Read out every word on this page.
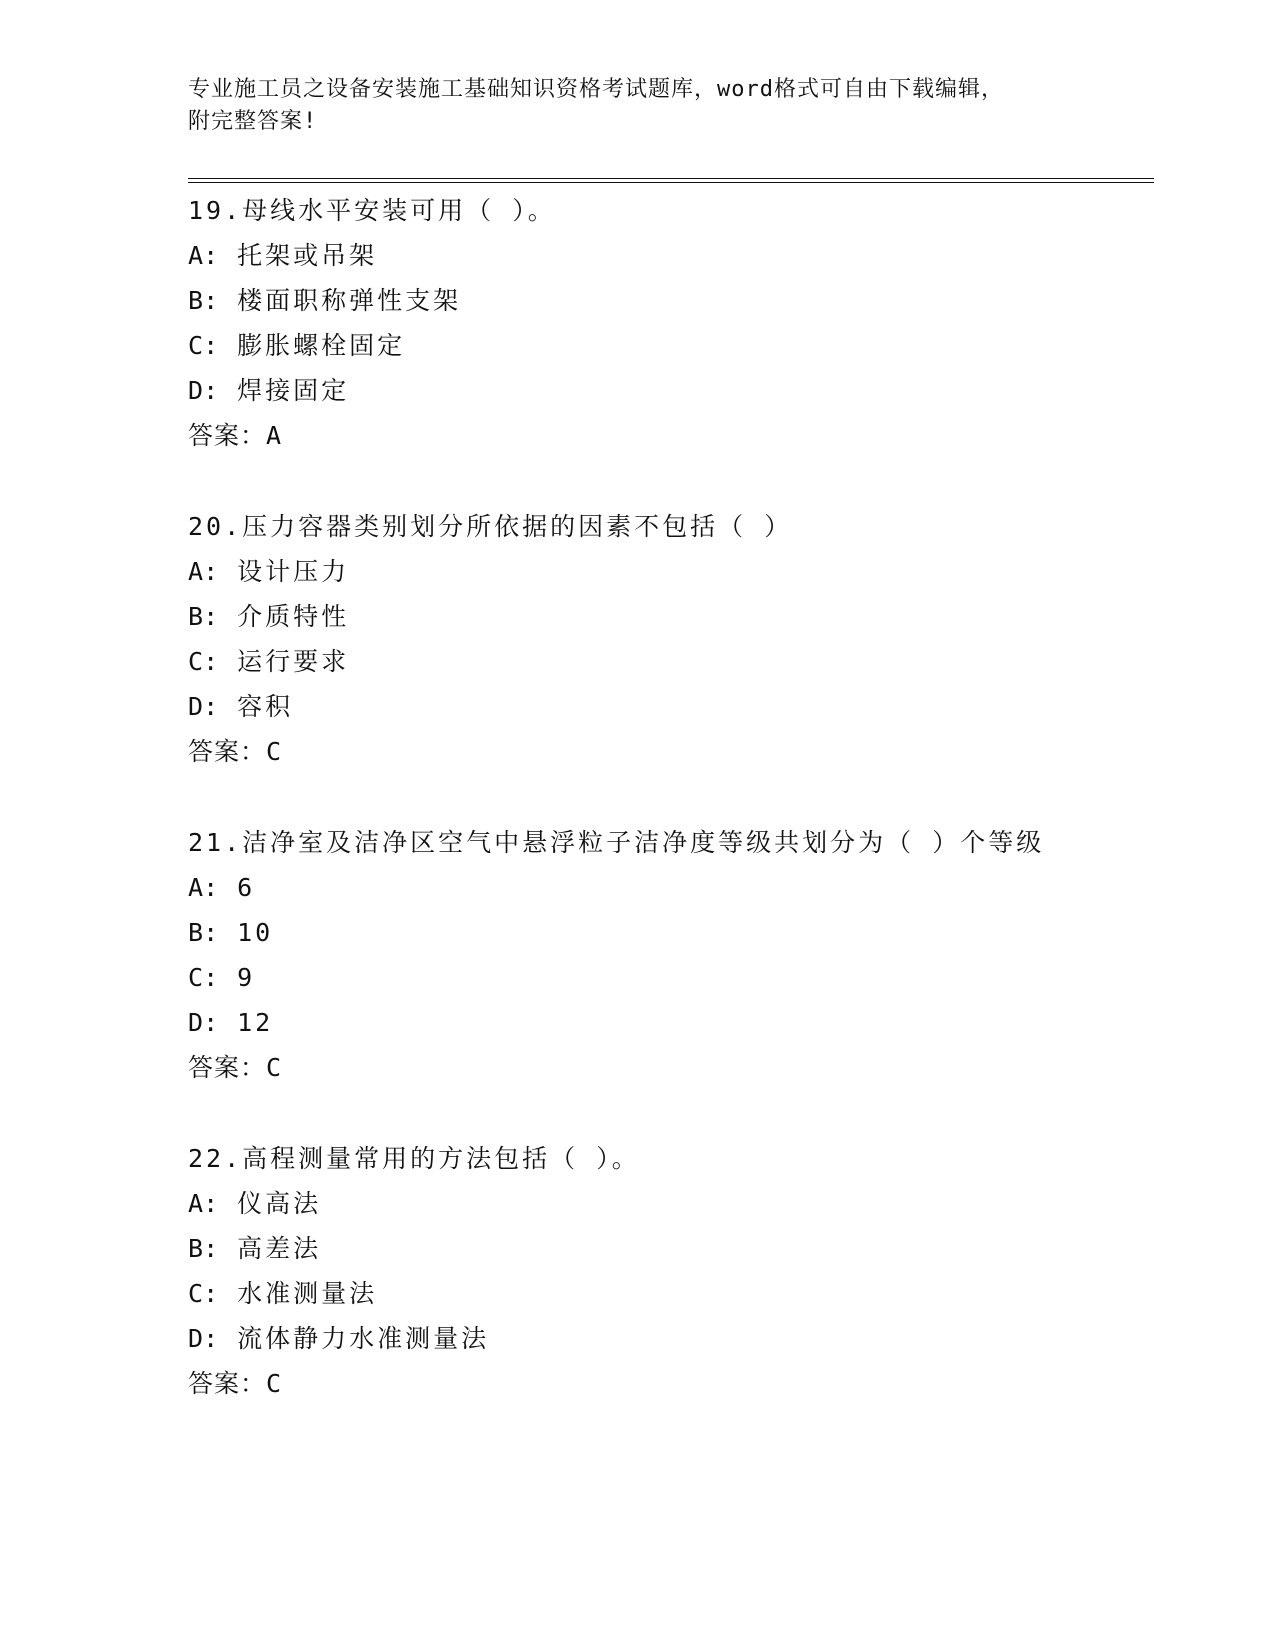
专业施工员之设备安装施工基础知识资格考试题库，word格式可自由下载编辑，
附完整答案!
19.母线水平安装可用（ ）。
A: 托架或吊架
B: 楼面职称弹性支架
C: 膨胀螺栓固定
D: 焊接固定
答案：A
20.压力容器类别划分所依据的因素不包括（ ）
A: 设计压力
B: 介质特性
C: 运行要求
D: 容积
答案：C
21.洁净室及洁净区空气中悬浮粒子洁净度等级共划分为（ ）个等级
A: 6
B: 10
C: 9
D: 12
答案：C
22.高程测量常用的方法包括（ ）。
A: 仪高法
B: 高差法
C: 水准测量法
D: 流体静力水准测量法
答案：C
